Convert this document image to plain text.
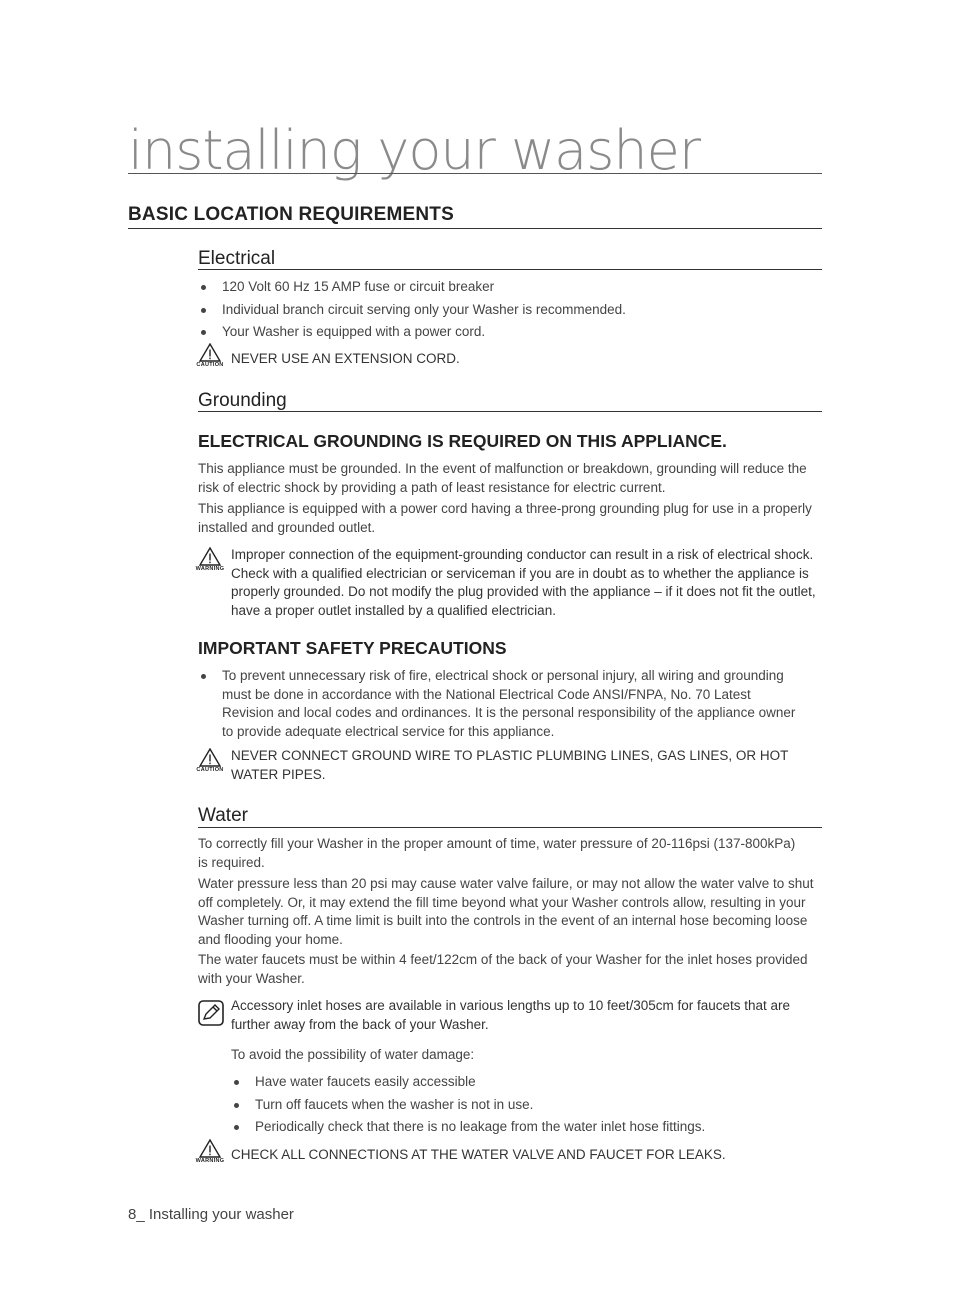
installing your washer
BASIC LOCATION REQUIREMENTS
Electrical
120 Volt 60 Hz 15 AMP fuse or circuit breaker
Individual branch circuit serving only your Washer is recommended.
Your Washer is equipped with a power cord.
CAUTION NEVER USE AN EXTENSION CORD.

Grounding
ELECTRICAL GROUNDING IS REQUIRED ON THIS APPLIANCE.

This appliance must be grounded. In the event of malfunction or breakdown, grounding will reduce the risk of electric shock by providing a path of least resistance for electric current.

This appliance is equipped with a power cord having a three-prong grounding plug for use in a properly installed and grounded outlet.

WARNING

Improper connection of the equipment-grounding conductor can result in a risk of electrical shock. Check with a qualified electrician or serviceman if you are in doubt as to whether the appliance is properly grounded. Do not modify the plug provided with the appliance – if it does not fit the outlet, have a proper outlet installed by a qualified electrician.

IMPORTANT SAFETY PRECAUTIONS
To prevent unnecessary risk of fire, electrical shock or personal injury, all wiring and grounding must be done in accordance with the National Electrical Code ANSI/FNPA, No. 70 Latest Revision and local codes and ordinances. It is the personal responsibility of the appliance owner to provide adequate electrical service for this appliance.
CAUTION

NEVER CONNECT GROUND WIRE TO PLASTIC PLUMBING LINES, GAS LINES, OR HOT WATER PIPES.

Water

To correctly fill your Washer in the proper amount of time, water pressure of 20-116psi (137-800kPa) is required.

Water pressure less than 20 psi may cause water valve failure, or may not allow the water valve to shut off completely. Or, it may extend the fill time beyond what your Washer controls allow, resulting in your Washer turning off. A time limit is built into the controls in the event of an internal hose becoming loose and flooding your home.

The water faucets must be within 4 feet/122cm of the back of your Washer for the inlet hoses provided with your Washer.

Accessory inlet hoses are available in various lengths up to 10 feet/305cm for faucets that are further away from the back of your Washer.

To avoid the possibility of water damage:

Have water faucets easily accessible
Turn off faucets when the washer is not in use.
Periodically check that there is no leakage from the water inlet hose fittings.
WARNING CHECK ALL CONNECTIONS AT THE WATER VALVE AND FAUCET FOR LEAKS.

8_ Installing your washer
